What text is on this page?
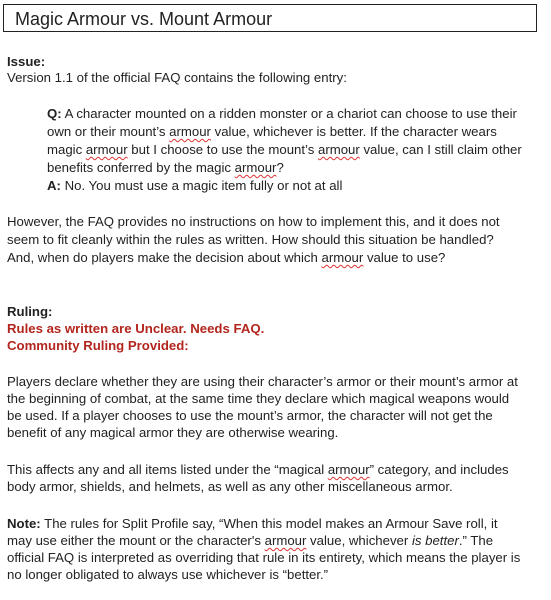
Magic Armour vs. Mount Armour
Issue:
Version 1.1 of the official FAQ contains the following entry:
Q: A character mounted on a ridden monster or a chariot can choose to use their
own or their mount’s armour value, whichever is better. If the character wears
magic armour but I choose to use the mount’s armour value, can I still claim other
benefits conferred by the magic armour?
A: No. You must use a magic item fully or not at all
However, the FAQ provides no instructions on how to implement this, and it does not
seem to fit cleanly within the rules as written. How should this situation be handled?
And, when do players make the decision about which armour value to use?
Ruling:
Rules as written are Unclear. Needs FAQ.
Community Ruling Provided:
Players declare whether they are using their character’s armor or their mount’s armor at
the beginning of combat, at the same time they declare which magical weapons would
be used. If a player chooses to use the mount’s armor, the character will not get the
benefit of any magical armor they are otherwise wearing.
This affects any and all items listed under the “magical armour” category, and includes
body armor, shields, and helmets, as well as any other miscellaneous armor.
Note: The rules for Split Profile say, “When this model makes an Armour Save roll, it
may use either the mount or the character's armour value, whichever is better.” The
official FAQ is interpreted as overriding that rule in its entirety, which means the player is
no longer obligated to always use whichever is “better.”
